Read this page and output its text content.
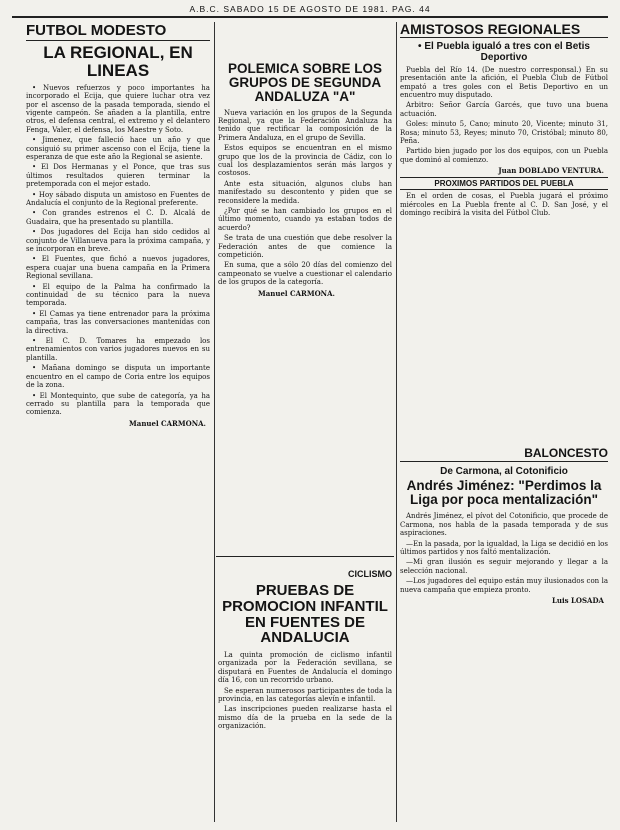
A.B.C. SABADO 15 DE AGOSTO DE 1981. PAG. 44
FUTBOL MODESTO
LA REGIONAL, EN LINEAS

• Nuevos refuerzos y poco importantes ha incorporado el Ecija, que quiere luchar otra vez por el ascenso de la pasada temporada, siendo el vigente campeón. Se añaden a la plantilla, entre otros, el defensa central, el extremo y el delantero Fenga, Valer, el defensa, los Maestre y Soto.

• Jimenez, que falleció hace un año y que consiguió su primer ascenso con el Ecija, tiene la esperanza de que este año la Regional se asiente.

• El Dos Hermanas y el Ponce, que tras sus últimos resultados quieren terminar la pretemporada con el mejor estado.

• Hoy sábado disputa un amistoso en Fuentes de Andalucía el conjunto de la Regional preferente.

• Con grandes estrenos el C. D. Alcalá de Guadaira, que ha presentado su plantilla.

• Dos jugadores del Ecija han sido cedidos al conjunto de Villanueva para la próxima campaña, y se incorporan en breve.

• El Fuentes, que fichó a nuevos jugadores, espera cuajar una buena campaña en la Primera Regional sevillana.

• El equipo de la Palma ha confirmado la continuidad de su técnico para la nueva temporada.

• El Camas ya tiene entrenador para la próxima campaña, tras las conversaciones mantenidas con la directiva.

• El C. D. Tomares ha empezado los entrenamientos con varios jugadores nuevos en su plantilla.

• Mañana domingo se disputa un importante encuentro en el campo de Coria entre los equipos de la zona.

• El Montequinto, que sube de categoría, ya ha cerrado su plantilla para la temporada que comienza.

Manuel CARMONA.

POLEMICA SOBRE LOS GRUPOS DE SEGUNDA ANDALUZA "A"

Nueva variación en los grupos de la Segunda Regional, ya que la Federación Andaluza ha tenido que rectificar la composición de la Primera Andaluza, en el grupo de Sevilla.

Estos equipos se encuentran en el mismo grupo que los de la provincia de Cádiz, con lo cual los desplazamientos serán más largos y costosos.

Ante esta situación, algunos clubs han manifestado su descontento y piden que se reconsidere la medida.

¿Por qué se han cambiado los grupos en el último momento, cuando ya estaban todos de acuerdo?

Se trata de una cuestión que debe resolver la Federación antes de que comience la competición.

En suma, que a sólo 20 días del comienzo del campeonato se vuelve a cuestionar el calendario de los grupos de la categoría.

Manuel CARMONA.

CICLISMO
PRUEBAS DE PROMOCION INFANTIL EN FUENTES DE ANDALUCIA

La quinta promoción de ciclismo infantil organizada por la Federación sevillana, se disputará en Fuentes de Andalucía el domingo día 16, con un recorrido urbano.

Se esperan numerosos participantes de toda la provincia, en las categorías alevín e infantil.

Las inscripciones pueden realizarse hasta el mismo día de la prueba en la sede de la organización.

AMISTOSOS REGIONALES
• El Puebla igualó a tres con el Betis Deportivo

Puebla del Río 14. (De nuestro corresponsal.) En su presentación ante la afición, el Puebla Club de Fútbol empató a tres goles con el Betis Deportivo en un encuentro muy disputado.

Arbitro: Señor García Garcés, que tuvo una buena actuación.

Goles: minuto 5, Cano; minuto 20, Vicente; minuto 31, Rosa; minuto 53, Reyes; minuto 70, Cristóbal; minuto 80, Peña.

Partido bien jugado por los dos equipos, con un Puebla que dominó al comienzo.

Juan DOBLADO VENTURA.

PROXIMOS PARTIDOS DEL PUEBLA

En el orden de cosas, el Puebla jugará el próximo miércoles en La Puebla frente al C. D. San José, y el domingo recibirá la visita del Fútbol Club.

BALONCESTO
De Carmona, al Cotonificio
Andrés Jiménez: "Perdimos la Liga por poca mentalización"

Andrés Jiménez, el pívot del Cotonificio, que procede de Carmona, nos habla de la pasada temporada y de sus aspiraciones.

—En la pasada, por la igualdad, la Liga se decidió en los últimos partidos y nos faltó mentalización.

—Mi gran ilusión es seguir mejorando y llegar a la selección nacional.

—Los jugadores del equipo están muy ilusionados con la nueva campaña que empieza pronto.

Luis LOSADA
